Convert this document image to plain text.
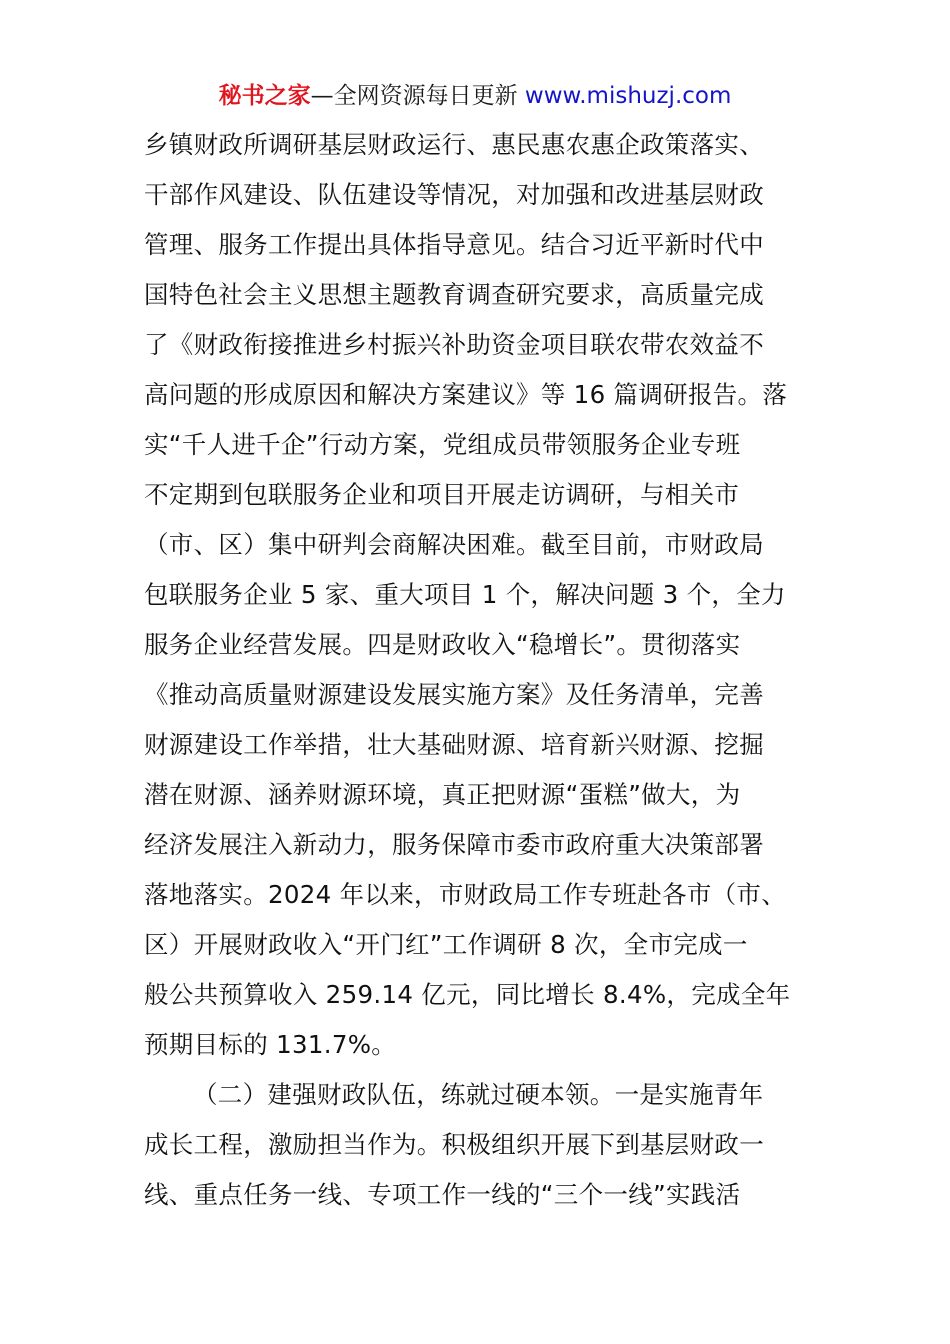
秘书之家—全网资源每日更新 www.mishuzj.com
乡镇财政所调研基层财政运行、惠民惠农惠企政策落实、
干部作风建设、队伍建设等情况，对加强和改进基层财政
管理、服务工作提出具体指导意见。结合习近平新时代中
国特色社会主义思想主题教育调查研究要求，高质量完成
了《财政衔接推进乡村振兴补助资金项目联农带农效益不
高问题的形成原因和解决方案建议》等 16 篇调研报告。落
实“千人进千企”行动方案，党组成员带领服务企业专班
不定期到包联服务企业和项目开展走访调研，与相关市
（市、区）集中研判会商解决困难。截至目前，市财政局
包联服务企业 5 家、重大项目 1 个，解决问题 3 个，全力
服务企业经营发展。四是财政收入“稳增长”。贯彻落实
《推动高质量财源建设发展实施方案》及任务清单，完善
财源建设工作举措，壮大基础财源、培育新兴财源、挖掘
潜在财源、涵养财源环境，真正把财源“蛋糕”做大，为
经济发展注入新动力，服务保障市委市政府重大决策部署
落地落实。2024 年以来，市财政局工作专班赴各市（市、
区）开展财政收入“开门红”工作调研 8 次，全市完成一
般公共预算收入 259.14 亿元，同比增长 8.4%，完成全年
预期目标的 131.7%。
（二）建强财政队伍，练就过硬本领。一是实施青年
成长工程，激励担当作为。积极组织开展下到基层财政一
线、重点任务一线、专项工作一线的“三个一线”实践活
